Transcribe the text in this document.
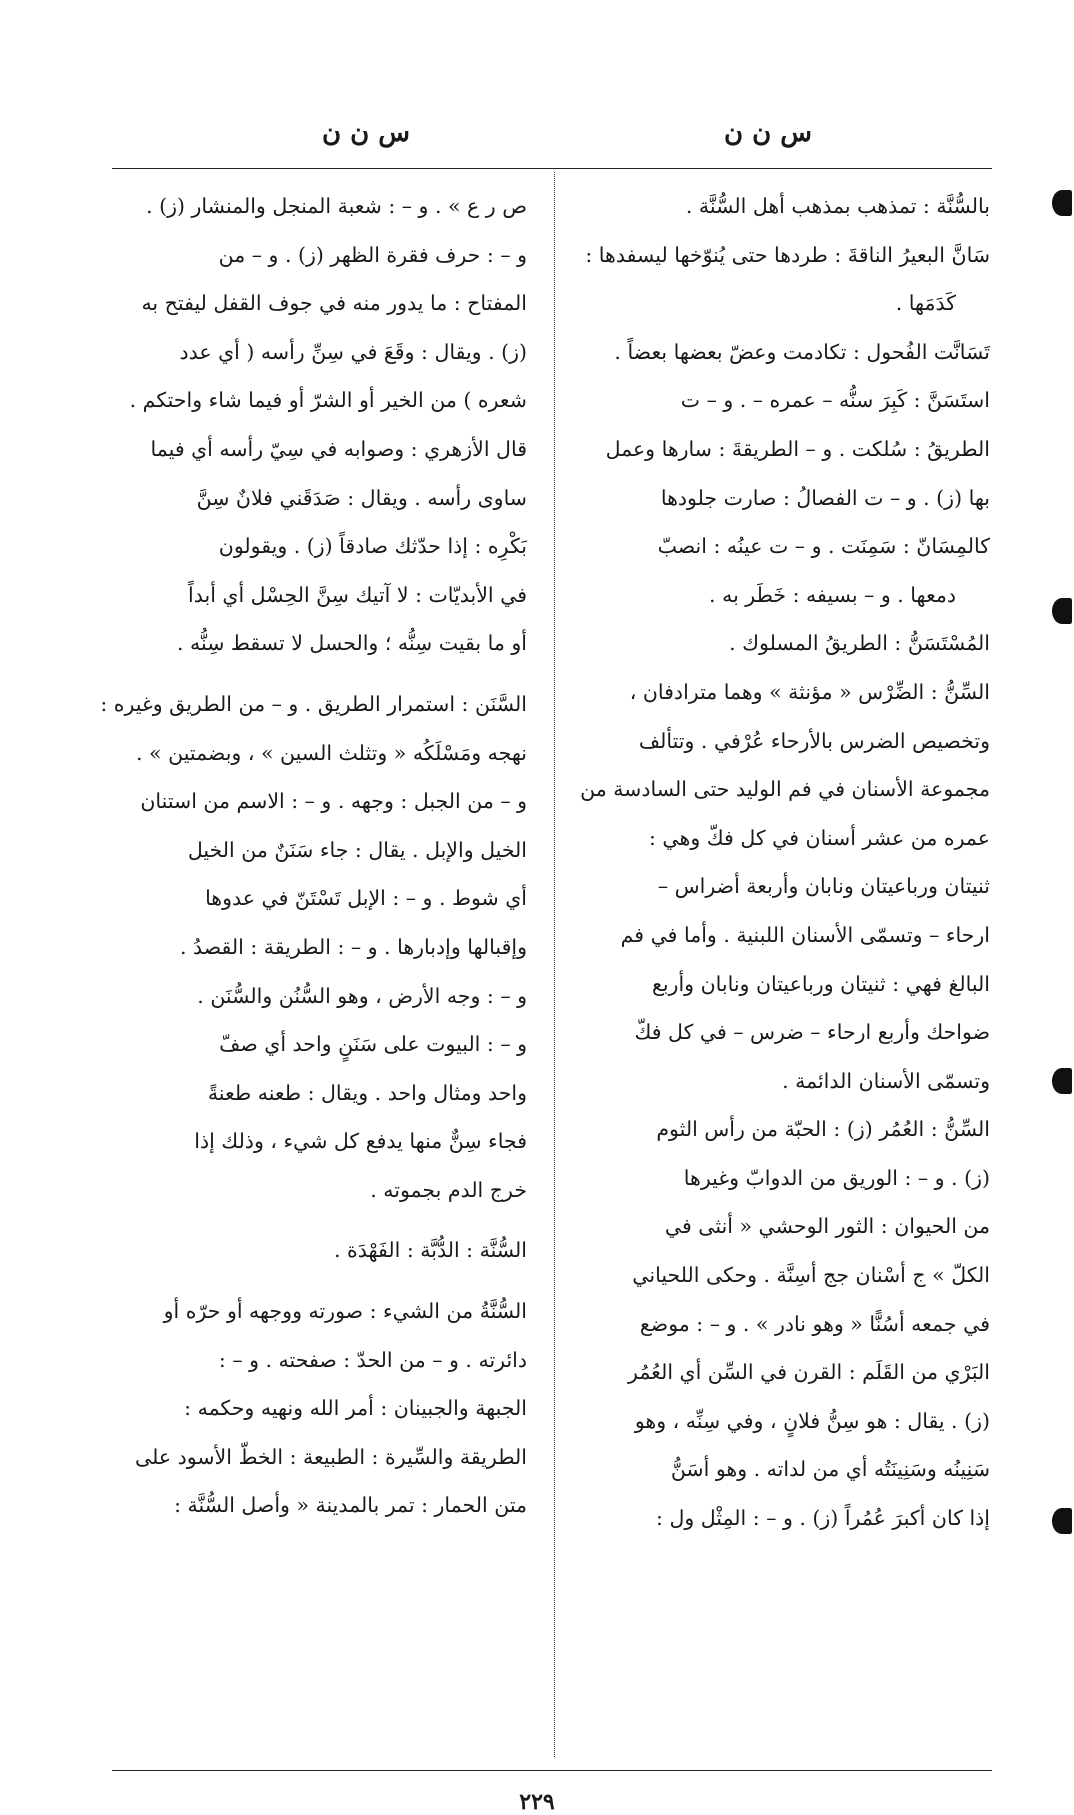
س ن ن
س ن ن
بالسُّنَّة : تمذهب بمذهب أهل السُّنَّة .
سَانَّ البعيرُ الناقةَ : طردها حتى يُنوّخها ليسفدها :
كَدَمَها .
تَسَانَّت الفُحول : تكادمت وعضّ بعضها بعضاً .
استَسَنَّ : كَبِرَ سنُّه – عمره – . و – ت
الطريقُ : سُلكت . و – الطريقةَ : سارها وعمل
بها (ز) . و – ت الفصالُ : صارت جلودها
كالمِسَانّ : سَمِنَت . و – ت عينُه : انصبّ
دمعها . و – بسيفه : خَطَر به .
المُسْتَسَنُّ : الطريقُ المسلوك .
السِّنُّ : الضِّرْس « مؤنثة » وهما مترادفان ،
وتخصيص الضرس بالأرحاء عُرْفي . وتتألف
مجموعة الأسنان في فم الوليد حتى السادسة من
عمره من عشر أسنان في كل فكّ وهي :
ثنيتان ورباعيتان ونابان وأربعة أضراس –
ارحاء – وتسمّى الأسنان اللبنية . وأما في فم
البالغ فهي : ثنيتان ورباعيتان ونابان وأربع
ضواحك وأربع ارحاء – ضرس – في كل فكّ
وتسمّى الأسنان الدائمة .
السِّنُّ : العُمُر (ز) : الحبّة من رأس الثوم
(ز) . و – : الوريق من الدوابّ وغيرها
من الحيوان : الثور الوحشي « أنثى في
الكلّ » ج أسْنان جج أسِنَّة . وحكى اللحياني
في جمعه أسُنًّا « وهو نادر » . و – : موضع
البَرْي من القَلَم : القرن في السِّن أي العُمُر
(ز) . يقال : هو سِنُّ فلانٍ ، وفي سِنِّه ، وهو
سَنِينُه وسَنِينَتُه أي من لداته . وهو أسَنُّ
إذا كان أكبرَ عُمُراً (ز) . و – : المِثْل ول :
ص ر ع » . و – : شعبة المنجل والمنشار (ز) .
و – : حرف فقرة الظهر (ز) . و – من
المفتاح : ما يدور منه في جوف القفل ليفتح به
(ز) . ويقال : وقَعَ في سِنِّ رأسه ( أي عدد
شعره ) من الخير أو الشرّ أو فيما شاء واحتكم .
قال الأزهري : وصوابه في سِيّ رأسه أي فيما
ساوى رأسه . ويقال : صَدَقَني فلانٌ سِنَّ
بَكْرِه : إذا حدّثك صادقاً (ز) . ويقولون
في الأبديّات : لا آتيك سِنَّ الحِسْل أي أبداً
أو ما بقيت سِنُّه ؛ والحسل لا تسقط سِنُّه .
السَّنَن : استمرار الطريق . و – من الطريق وغيره :
نهجه ومَسْلَكُه « وتثلث السين » ، وبضمتين » .
و – من الجبل : وجهه . و – : الاسم من استنان
الخيل والإبل . يقال : جاء سَنَنٌ من الخيل
أي شوط . و – : الإبل تَسْتَنّ في عدوها
وإقبالها وإدبارها . و – : الطريقة : القصدُ .
و – : وجه الأرض ، وهو السُّنُن والسُّنَن .
و – : البيوت على سَنَنٍ واحد أي صفّ
واحد ومثال واحد . ويقال : طعنه طعنةً
فجاء سِنٌّ منها يدفع كل شيء ، وذلك إذا
خرج الدم بجموته .
السُّنَّة : الدُّبَّة : الفَهْدَة .
السُّنَّةُ من الشيء : صورته ووجهه أو حرّه أو
دائرته . و – من الحدّ : صفحته . و – :
الجبهة والجبينان : أمر الله ونهيه وحكمه :
الطريقة والسِّيرة : الطبيعة : الخطّ الأسود على
متن الحمار : تمر بالمدينة « وأصل السُّنَّة :
٢٢٩
